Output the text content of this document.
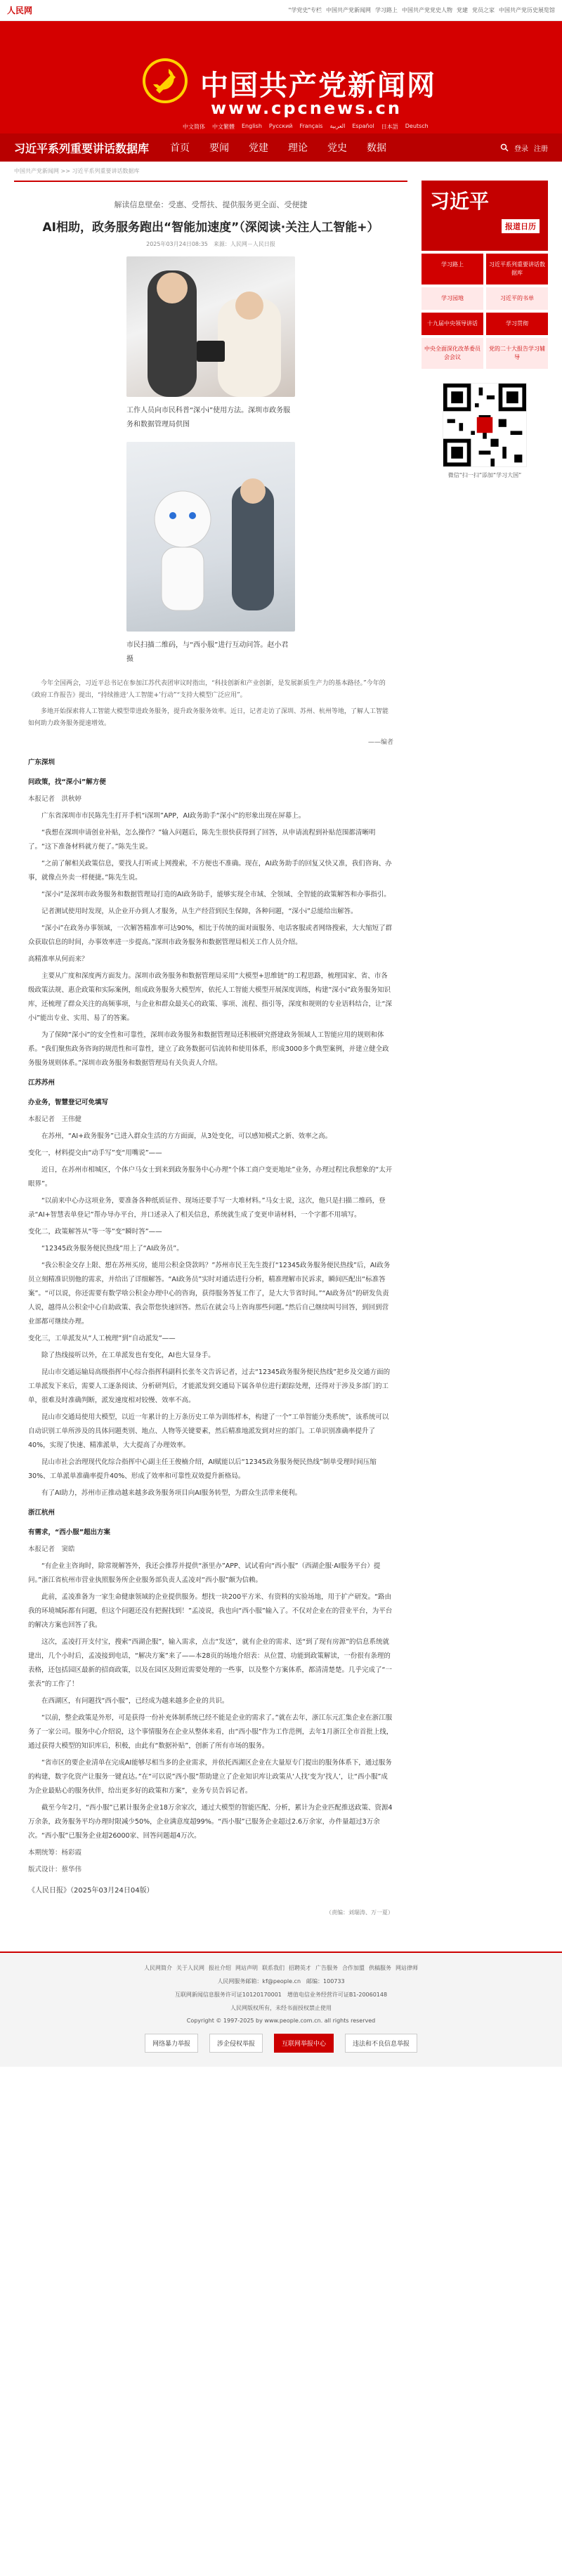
人民网	"学党史"专栏 中国共产党新闻网 学习路上 中国共产党党史人物 党建 党员之家 中国共产党历史展览馆
中国共产党新闻网
www.cpcnews.cn
中文简体 中文繁體 English Русский Français العربية Español 日本語 Deutsch
习近平系列重要讲话数据库 首页 要闻 党建 理论 党史 数据	登录 注册
中国共产党新闻网 >> 习近平系列重要讲话数据库
解读信息壁垒：受惠、受帮扶、提供服务更全面、受便捷
AI相助，政务服务跑出“智能加速度”（深阅读·关注人工智能+）
2025年03月24日08:35　来源：人民网－人民日报
工作人员向市民科普“深小i”使用方法。深圳市政务服务和数据管理局供图
市民扫描二维码，与“西小服”进行互动问答。赵小君摄

今年全国两会，习近平总书记在参加江苏代表团审议时指出，“科技创新和产业创新，是发展新质生产力的基本路径。”今年的《政府工作报告》提出，“持续推进‘人工智能+’行动”“支持大模型广泛应用”。

多地开始探索将人工智能大模型带进政务服务，提升政务服务效率。近日，记者走访了深圳、苏州、杭州等地，了解人工智能如何助力政务服务提速增效。

——编者

广东深圳

问政策，找“深小i”解方便

本报记者　洪秋婷

广东省深圳市市民陈先生打开手机“i深圳”APP，AI政务助手“深小i”的形象出现在屏幕上。

“我想在深圳申请创业补贴，怎么操作？”输入问题后，陈先生很快获得到了回答，从申请流程到补贴范围都清晰明了。“这下准备材料就方便了。”陈先生说。

“之前了解相关政策信息，要找人打听或上网搜索，不方便也不准确。现在，AI政务助手的回复又快又准，我们咨询、办事，就像点外卖一样便捷。”陈先生说。

“深小i”是深圳市政务服务和数据管理局打造的AI政务助手，能够实现全市域、全领域、全智能的政策解答和办事指引。

记者测试使用时发现，从企业开办到人才服务，从生产经营到民生保障，各种问题，“深小i”总能给出解答。

“深小i”在政务办事领域，一次解答精准率可达90%，相比于传统的面对面服务、电话客服或者网络搜索，大大缩短了群众获取信息的时间，办事效率进一步提高。”深圳市政务服务和数据管理局相关工作人员介绍。

高精准率从何而来？

主要从广度和深度两方面发力。深圳市政务服务和数据管理局采用“大模型+思维链”的工程思路，梳理国家、省、市各级政策法规、惠企政策和实际案例，组成政务服务大模型库，依托人工智能大模型开展深度训练，构建“深小i”政务服务知识库，还梳理了群众关注的高频事项，与企业和群众最关心的政策、事项、流程、指引等，深度和规则的专业语料结合，让“深小i”能出专业、实用、易了的答案。

为了保障“深小i”的安全性和可靠性，深圳市政务服务和数据管理局还积极研究搭建政务领域人工智能应用的规则和体系。“我们聚焦政务咨询的规范性和可靠性，建立了政务数据可信流转和使用体系，形成3000多个典型案例，并建立健全政务服务规则体系。”深圳市政务服务和数据管理局有关负责人介绍。

江苏苏州

办业务，智慧登记可免填写

本报记者　王伟健

在苏州，“AI+政务服务”已进入群众生活的方方面面，从3处变化，可以感知模式之新、效率之高。

变化一，材料提交由“动手写”变“用嘴说”——

近日，在苏州市相城区，个体户马女士到来到政务服务中心办理“个体工商户变更地址”业务，办理过程比我想象的“太开眼界”。

“以前来中心办这项业务，要准备各种纸质证件、现场还要手写一大堆材料。”马女士说，这次，他只是扫描二维码，登录“AI+智慧表单登记”帮办导办平台，并口述录入了相关信息，系统就生成了变更申请材料，一个字都不用填写。

变化二，政策解答从“等一等”变“瞬时答”——

“12345政务服务便民热线”用上了“AI政务员”。

“我公积金交存上限、想在苏州买房，能用公积金贷款吗？”苏州市民王先生拨打“12345政务服务便民热线”后，AI政务员立刻精准识别他的需求，并给出了详细解答。“AI政务员”实时对通话进行分析，精准理解市民诉求，瞬间匹配出“标准答案”。“可以说，你还需要有数学啥公积金办理中心的咨询，获得服务答复工作了，是大大节省时间。”“AI政务员”的研发负责人说，越得从公积金中心自助政策、我会帮您快速回答。然后在就会马上咨询那些问题。”然后自己继续叫号回答，到回到营业部都可继续办理。

变化三，工单派发从“人工梳理”到“自动派发”——

除了热线接听以外，在工单派发也有变化，AI也大显身手。

昆山市交通运输局高级指挥中心综合指挥科副科长张冬文告诉记者，过去“12345政务服务便民热线”把乡及交通方面的工单派发下来后，需要人工逐条阅读、分析研判后，才能派发到交通局下属各单位进行跟踪处理，还得对于涉及多部门的工单，很难及时准确判断，派发速度相对较慢、效率不高。

昆山市交通局使用大模型，以近一年累计的上万条历史工单为训练样本，构建了一个“工单智能分类系统”，该系统可以自动识别工单所涉及的具体问题类别、地点、人物等关键要素，然后精准地派发到对应的部门。工单识别准确率提升了40%，实现了快速、精准派单，大大提高了办理效率。

昆山市社会治理现代化综合指挥中心副主任王俊楠介绍，AI赋能以后“12345政务服务便民热线”制单受理时间压缩30%、工单派单准确率提升40%、形成了效率和可靠性双效提升新格局。

有了AI助力，苏州市正推动越来越多政务服务项目向AI服务转型，为群众生活带来便利。

浙江杭州

有需求，“西小服”超出方案

本报记者　窦皓

“有企业主咨询时，除常规解答外，我还会推荐并提供“浙里办”APP、试试看向“西小服”（西湖企服·AI服务平台）提问。”浙江省杭州市营业执照服务所企业服务部负责人孟凌对“西小服”颇为信赖。

此前，孟凌准备为一家生命健康领域的企业提供服务。想找一块200平方米、有资料的实验场地，用于扩产研发。“路由我的环境城际都有问题，但这个问题还没有把握找到！”孟凌说，我也向“西小服”输入了。不仅对企业在的营业平台，为平台的解决方案也回答了我。

这次，孟凌打开支付宝，搜索“西湖企服”，输入需求，点击“发送”，就有企业的需求、送“到了现有房源”的信息系统就建出，几个小时后，孟凌接到电话，“解决方案”来了——本28页的场地介绍表：从位置、功能到政策解读，一份很有条理的表格，还包括园区最新的招商政策，以及在园区及附近需要处理的一些事，以及整个方案体系，都清清楚楚。几乎完成了“一张表”的工作了！

在西湖区，有问题找“西小服”，已经成为越来越多企业的共识。

“以前，整企政策是外形，可是获得一份补充体制系统已经不能是企业的需求了。”就在去年，浙江东元汇集企业在浙江服务了一家公司。服务中心介绍说，这个事情服务在企业从整体来看，由“西小服”作为工作范例，去年1月浙江全市首批上线，通过获得大模型的知识库后，积极，由此有“数据补贴”，创新了所有市场的服务。

“省市区的要企业清单在完成AI能够尽相当多的企业需求，并依托西湖区企业在大量原专门提出的服务体系下，通过服务的构建，数字化资产让服务一键直达。”在“可以说”西小服”帮助建立了企业知识库让政策从‘人找’变为‘找人’，让“西小服”成为企业最贴心的服务伙伴，给出更多好的政策和方案”，业务专员告诉记者。

截至今年2月，“西小服”已累计服务企业18万余家次，通过大模型的智能匹配、分析，累计为企业匹配推送政策、资源4万余条，政务服务平均办理时限减少50%，企业满意度超99%。“西小服”已服务企业超过2.6万余家，办件量超过3万余次。“西小服”已服务企业超26000家、回答问题超4万次。

本期统筹：杨彩霞

版式设计：蔡华伟

《人民日报》（2025年03月24日04版）
（责编：刘瑞涛、万一夏）
习近平
报道日历
学习路上	习近平系列重要讲话数据库
学习园地	习近平的书单
十九届中央领导讲话	学习贯彻
中央全面深化改革委员会会议
党的二十大报告学习辅导
微信“扫一扫”添加“学习大国”
人民网简介 关于人民网 报社介绍 网站声明 联系我们 招聘英才 广告服务 合作加盟 供稿服务 网站律师
人民网服务邮箱：kf@people.cn　邮编：100733
互联网新闻信息服务许可证10120170001　增值电信业务经营许可证B1-20060148
人民网版权所有，未经书面授权禁止使用
Copyright © 1997-2025 by www.people.com.cn. all rights reserved
网络暴力举报	涉企侵权举报	互联网举报中心	违法和不良信息举报
